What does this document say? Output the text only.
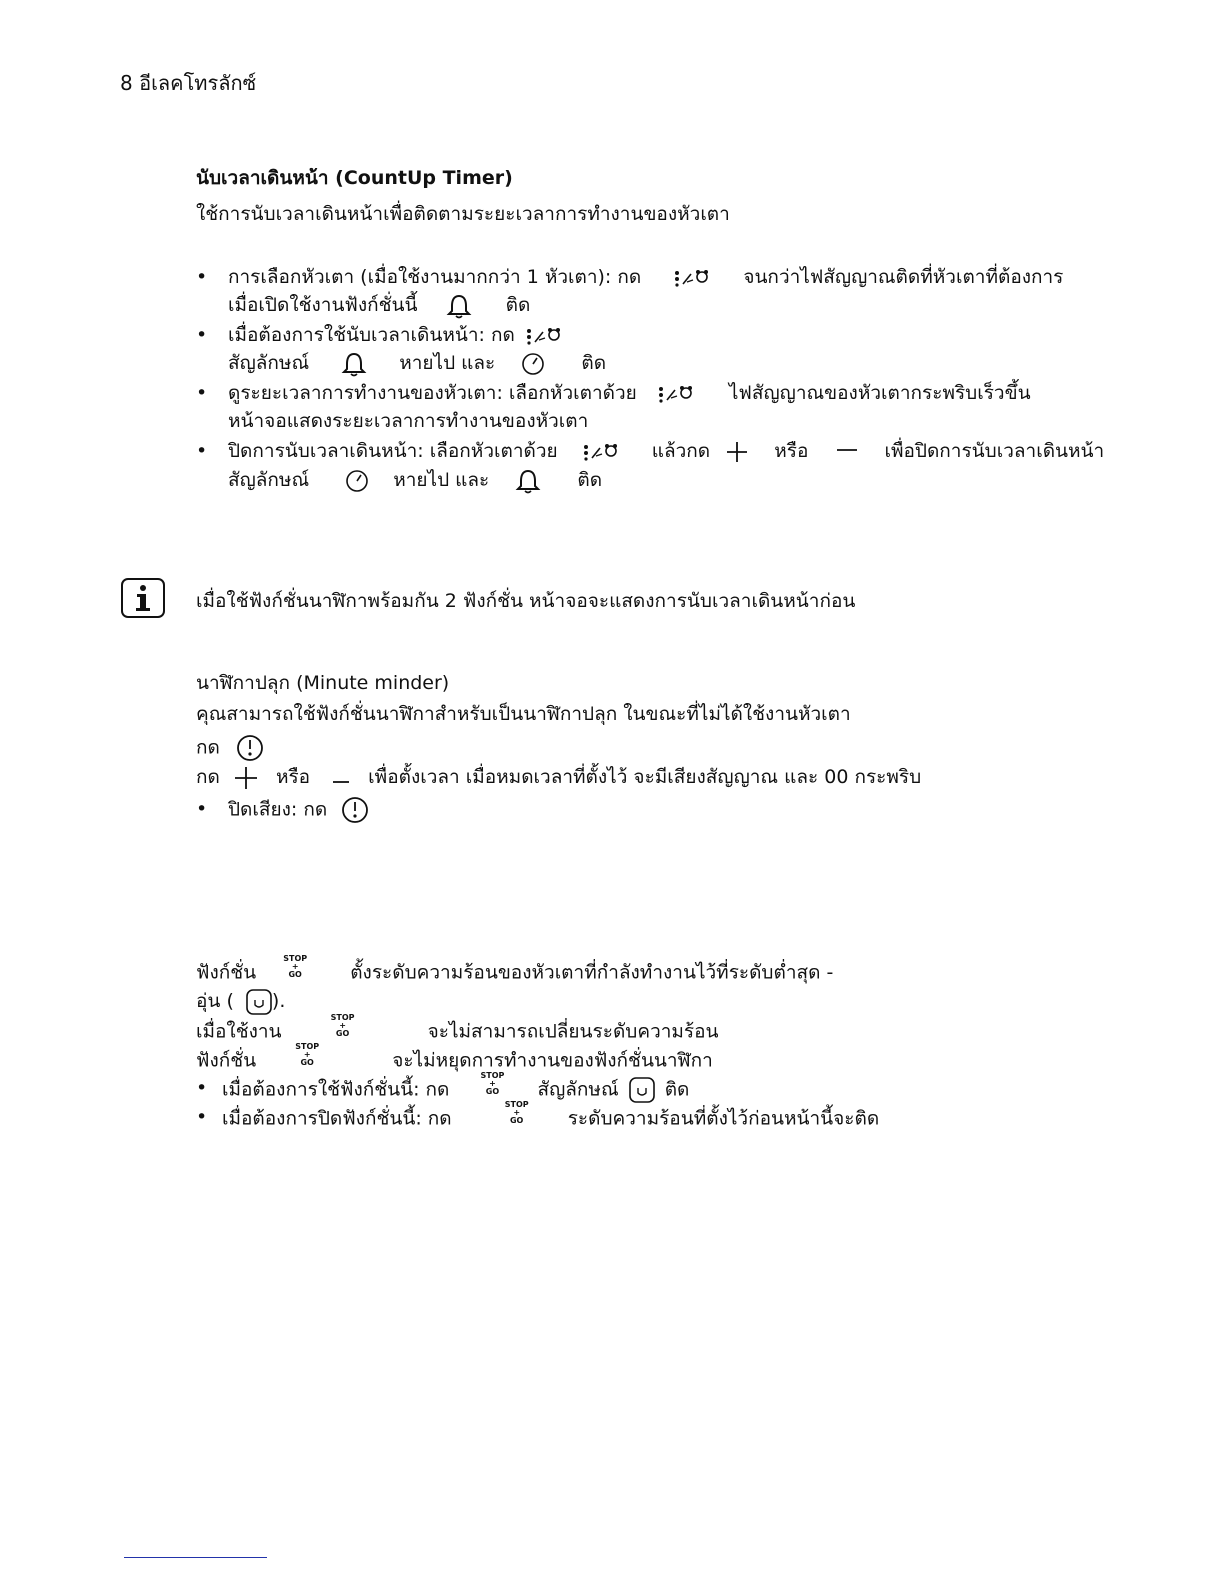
8 อีเลคโทรลักซ์
นับเวลาเดินหน้า (CountUp Timer)
ใช้การนับเวลาเดินหน้าเพื่อติดตามระยะเวลาการทำงานของหัวเตา
• การเลือกหัวเตา (เมื่อใช้งานมากกว่า 1 หัวเตา): กด	จนกว่าไฟสัญญาณติดที่หัวเตาที่ต้องการ
เมื่อเปิดใช้งานฟังก์ชั่นนี้	ติด
• เมื่อต้องการใช้นับเวลาเดินหน้า: กด
สัญลักษณ์	หายไป และ	ติด
• ดูระยะเวลาการทำงานของหัวเตา: เลือกหัวเตาด้วย	ไฟสัญญาณของหัวเตากระพริบเร็วขึ้น
หน้าจอแสดงระยะเวลาการทำงานของหัวเตา
• ปิดการนับเวลาเดินหน้า: เลือกหัวเตาด้วย	แล้วกด	หรือ	เพื่อปิดการนับเวลาเดินหน้า
สัญลักษณ์	หายไป และ	ติด
เมื่อใช้ฟังก์ชั่นนาฬิกาพร้อมกัน 2 ฟังก์ชั่น หน้าจอจะแสดงการนับเวลาเดินหน้าก่อน
นาฬิกาปลุก (Minute minder)
คุณสามารถใช้ฟังก์ชั่นนาฬิกาสำหรับเป็นนาฬิกาปลุก ในขณะที่ไม่ได้ใช้งานหัวเตา
กด
กด	หรือ	เพื่อตั้งเวลา เมื่อหมดเวลาที่ตั้งไว้ จะมีเสียงสัญญาณ และ 00 กระพริบ
• ปิดเสียง: กด
ฟังก์ชั่น
STOP
+
GO	ตั้งระดับความร้อนของหัวเตาที่กำลังทำงานไว้ที่ระดับต่ำสุด -
อุ่น ( ).
เมื่อใช้งาน
STOP
+
GO	จะไม่สามารถเปลี่ยนระดับความร้อน
ฟังก์ชั่น
STOP
+
GO	จะไม่หยุดการทำงานของฟังก์ชั่นนาฬิกา
• เมื่อต้องการใช้ฟังก์ชั่นนี้: กด
STOP
+
GO	สัญลักษณ์ ติด
• เมื่อต้องการปิดฟังก์ชั่นนี้: กด
STOP
+
GO	ระดับความร้อนที่ตั้งไว้ก่อนหน้านี้จะติด
